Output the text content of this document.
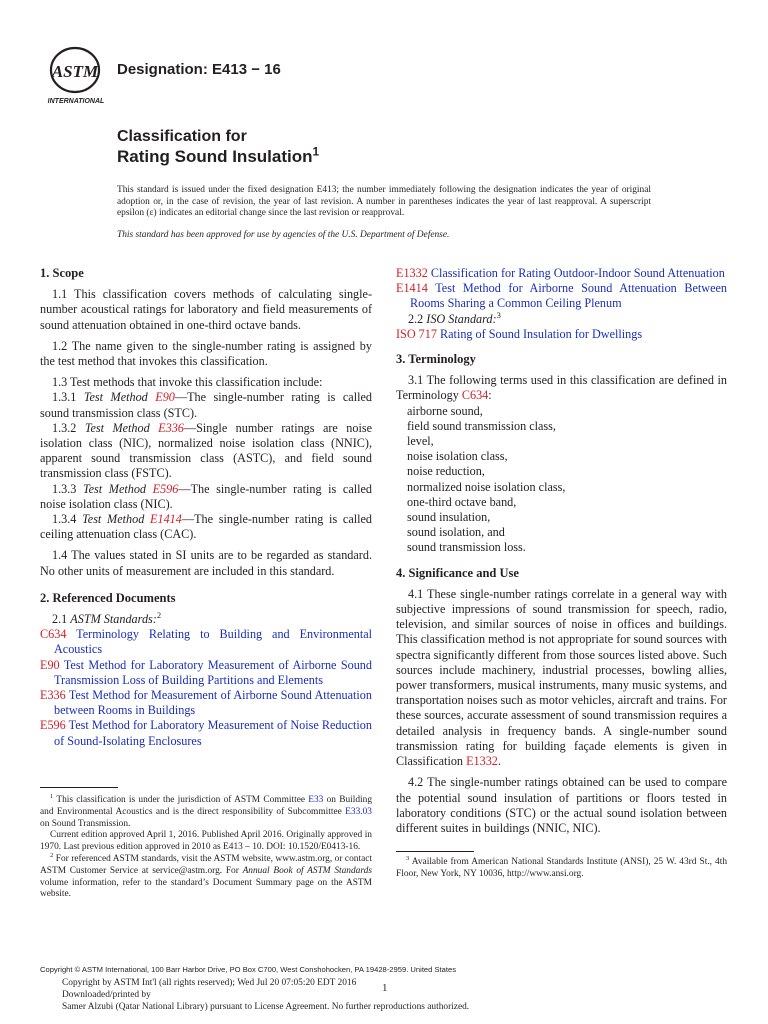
ASTM
INTERNATIONAL
Designation: E413 − 16
Classification for
Rating Sound Insulation$^1$
This standard is issued under the fixed designation E413; the number immediately following the designation indicates the year of original adoption or, in the case of revision, the year of last revision. A number in parentheses indicates the year of last reapproval. A superscript epsilon (ε) indicates an editorial change since the last revision or reapproval.
This standard has been approved for use by agencies of the U.S. Department of Defense.

1. Scope

1.1 This classification covers methods of calculating single-number acoustical ratings for laboratory and field measurements of sound attenuation obtained in one-third octave bands.

1.2 The name given to the single-number rating is assigned by the test method that invokes this classification.

1.3 Test methods that invoke this classification include:

1.3.1 Test Method E90—The single-number rating is called sound transmission class (STC).

1.3.2 Test Method E336—Single number ratings are noise isolation class (NIC), normalized noise isolation class (NNIC), apparent sound transmission class (ASTC), and field sound transmission class (FSTC).

1.3.3 Test Method E596—The single-number rating is called noise isolation class (NIC).

1.3.4 Test Method E1414—The single-number rating is called ceiling attenuation class (CAC).

1.4 The values stated in SI units are to be regarded as standard. No other units of measurement are included in this standard.

2. Referenced Documents

2.1 ASTM Standards:$^2$

C634 Terminology Relating to Building and Environmental Acoustics

E90 Test Method for Laboratory Measurement of Airborne Sound Transmission Loss of Building Partitions and Elements

E336 Test Method for Measurement of Airborne Sound Attenuation between Rooms in Buildings

E596 Test Method for Laboratory Measurement of Noise Reduction of Sound-Isolating Enclosures

$^1$ This classification is under the jurisdiction of ASTM Committee E33 on Building and Environmental Acoustics and is the direct responsibility of Subcommittee E33.03 on Sound Transmission.

Current edition approved April 1, 2016. Published April 2016. Originally approved in 1970. Last previous edition approved in 2010 as E413 – 10. DOI: 10.1520/E0413-16.

$^2$ For referenced ASTM standards, visit the ASTM website, www.astm.org, or contact ASTM Customer Service at service@astm.org. For Annual Book of ASTM Standards volume information, refer to the standard’s Document Summary page on the ASTM website.

E1332 Classification for Rating Outdoor-Indoor Sound Attenuation

E1414 Test Method for Airborne Sound Attenuation Between Rooms Sharing a Common Ceiling Plenum

2.2 ISO Standard:$^3$

ISO 717 Rating of Sound Insulation for Dwellings

3. Terminology

3.1 The following terms used in this classification are defined in Terminology C634:

airborne sound,

field sound transmission class,

level,

noise isolation class,

noise reduction,

normalized noise isolation class,

one-third octave band,

sound insulation,

sound isolation, and

sound transmission loss.

4. Significance and Use

4.1 These single-number ratings correlate in a general way with subjective impressions of sound transmission for speech, radio, television, and similar sources of noise in offices and buildings. This classification method is not appropriate for sound sources with spectra significantly different from those sources listed above. Such sources include machinery, industrial processes, bowling allies, power transformers, musical instruments, many music systems, and transportation noises such as motor vehicles, aircraft and trains. For these sources, accurate assessment of sound transmission requires a detailed analysis in frequency bands. A single-number sound transmission rating for building façade elements is given in Classification E1332.

4.2 The single-number ratings obtained can be used to compare the potential sound insulation of partitions or floors tested in laboratory conditions (STC) or the actual sound isolation between different suites in buildings (NNIC, NIC).

$^3$ Available from American National Standards Institute (ANSI), 25 W. 43rd St., 4th Floor, New York, NY 10036, http://www.ansi.org.

Copyright © ASTM International, 100 Barr Harbor Drive, PO Box C700, West Conshohocken, PA 19428-2959. United States
Copyright by ASTM Int'l (all rights reserved); Wed Jul 20 07:05:20 EDT 2016
Downloaded/printed by
Samer Alzubi (Qatar National Library) pursuant to License Agreement. No further reproductions authorized.
1
